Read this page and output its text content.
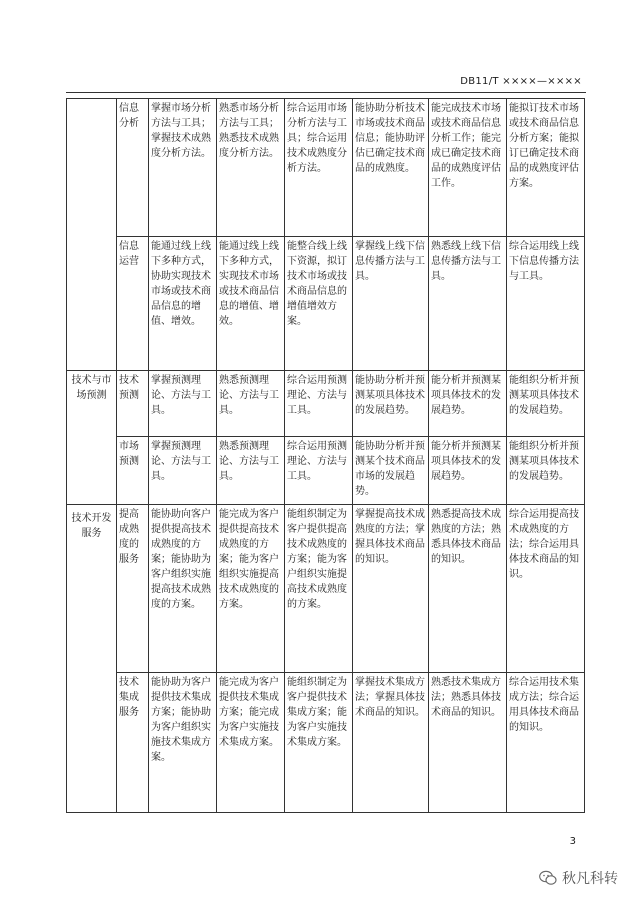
DB11/T ××××—××××
	信息分析	掌握市场分析方法与工具；掌握技术成熟度分析方法。	熟悉市场分析方法与工具；熟悉技术成熟度分析方法。	综合运用市场分析方法与工具；综合运用技术成熟度分析方法。	能协助分析技术市场或技术商品信息；能协助评估已确定技术商品的成熟度。	能完成技术市场或技术商品信息分析工作；能完成已确定技术商品的成熟度评估工作。	能拟订技术市场或技术商品信息分析方案；能拟订已确定技术商品的成熟度评估方案。
	信息运营	能通过线上线下多种方式，协助实现技术市场或技术商品信息的增值、增效。	能通过线上线下多种方式，实现技术市场或技术商品信息的增值、增效。	能整合线上线下资源，拟订技术市场或技术商品信息的增值增效方案。	掌握线上线下信息传播方法与工具。	熟悉线上线下信息传播方法与工具。	综合运用线上线下信息传播方法与工具。
技术与市场预测	技术预测	掌握预测理论、方法与工具。	熟悉预测理论、方法与工具。	综合运用预测理论、方法与工具。	能协助分析并预测某项具体技术的发展趋势。	能分析并预测某项具体技术的发展趋势。	能组织分析并预测某项具体技术的发展趋势。
	市场预测	掌握预测理论、方法与工具。	熟悉预测理论、方法与工具。	综合运用预测理论、方法与工具。	能协助分析并预测某个技术商品市场的发展趋势。	能分析并预测某项具体技术的发展趋势。	能组织分析并预测某项具体技术的发展趋势。
技术开发服务	提高成熟度的服务	能协助向客户提供提高技术成熟度的方案；能协助为客户组织实施提高技术成熟度的方案。	能完成为客户提供提高技术成熟度的方案；能为客户组织实施提高技术成熟度的方案。	能组织制定为客户提供提高技术成熟度的方案；能为客户组织实施提高技术成熟度的方案。	掌握提高技术成熟度的方法；掌握具体技术商品的知识。	熟悉提高技术成熟度的方法；熟悉具体技术商品的知识。	综合运用提高技术成熟度的方法；综合运用具体技术商品的知识。
	技术集成服务	能协助为客户提供技术集成方案；能协助为客户组织实施技术集成方案。	能完成为客户提供技术集成方案；能完成为客户实施技术集成方案。	能组织制定为客户提供技术集成方案；能为客户实施技术集成方案。	掌握技术集成方法；掌握具体技术商品的知识。	熟悉技术集成方法；熟悉具体技术商品的知识。	综合运用技术集成方法；综合运用具体技术商品的知识。
3
秋凡科转
